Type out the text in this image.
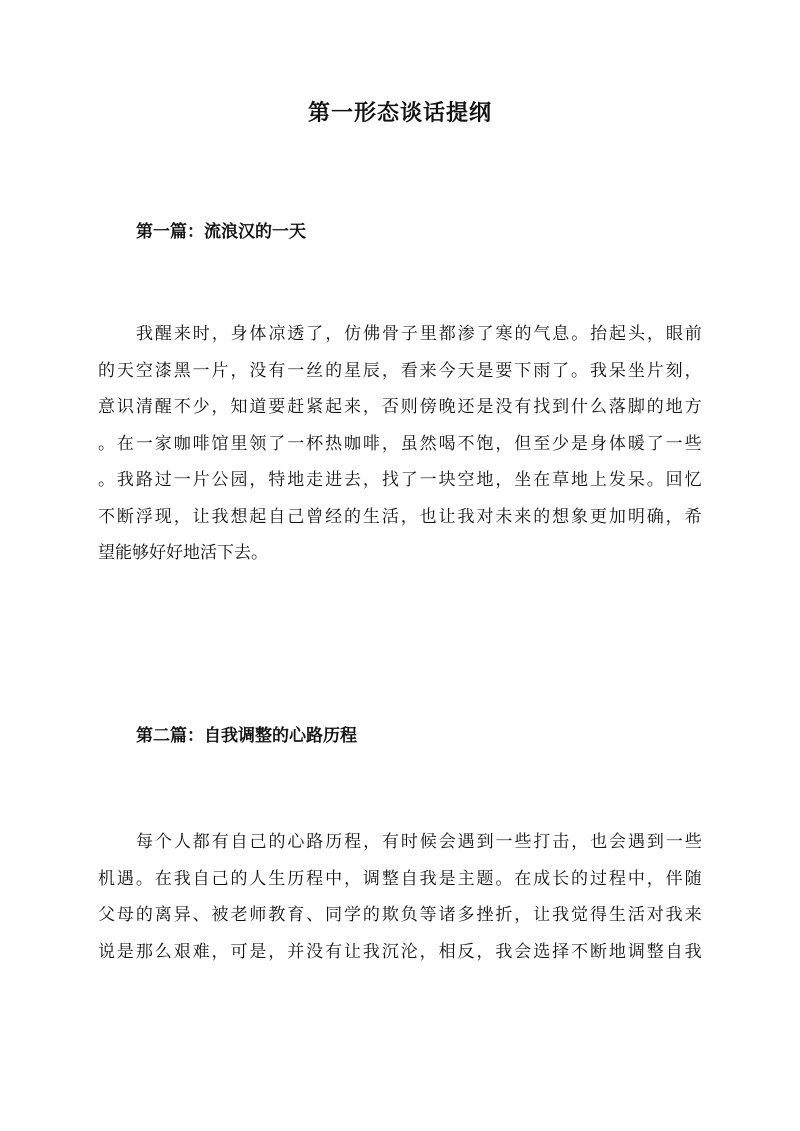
第一形态谈话提纲
第一篇：流浪汉的一天
我 醒 来 时 ， 身 体 凉 透 了 ， 仿 佛 骨 子 里 都 渗 了 寒 的 气 息 。 抬 起 头 ， 眼 前
的 天 空 漆 黑 一 片 ， 没 有 一 丝 的 星 辰 ， 看 来 今 天 是 要 下 雨 了 。 我 呆 坐 片 刻 ，
意 识 清 醒 不 少 ， 知 道 要 赶 紧 起 来 ， 否 则 傍 晚 还 是 没 有 找 到 什 么 落 脚 的 地 方
。 在 一 家 咖 啡 馆 里 领 了 一 杯 热 咖 啡 ， 虽 然 喝 不 饱 ， 但 至 少 是 身 体 暖 了 一 些
。 我 路 过 一 片 公 园 ， 特 地 走 进 去 ， 找 了 一 块 空 地 ， 坐 在 草 地 上 发 呆 。 回 忆
不 断 浮 现 ， 让 我 想 起 自 己 曾 经 的 生 活 ， 也 让 我 对 未 来 的 想 象 更 加 明 确 ， 希
望能够好好地活下去。
第二篇：自我调整的心路历程
每 个 人 都 有 自 己 的 心 路 历 程 ， 有 时 候 会 遇 到 一 些 打 击 ， 也 会 遇 到 一 些
机 遇 。 在 我 自 己 的 人 生 历 程 中 ， 调 整 自 我 是 主 题 。 在 成 长 的 过 程 中 ， 伴 随
父 母 的 离 异 、 被 老 师 教 育 、 同 学 的 欺 负 等 诸 多 挫 折 ， 让 我 觉 得 生 活 对 我 来
说 是 那 么 艰 难 ， 可 是 ， 并 没 有 让 我 沉 沦 ， 相 反 ， 我 会 选 择 不 断 地 调 整 自 我
